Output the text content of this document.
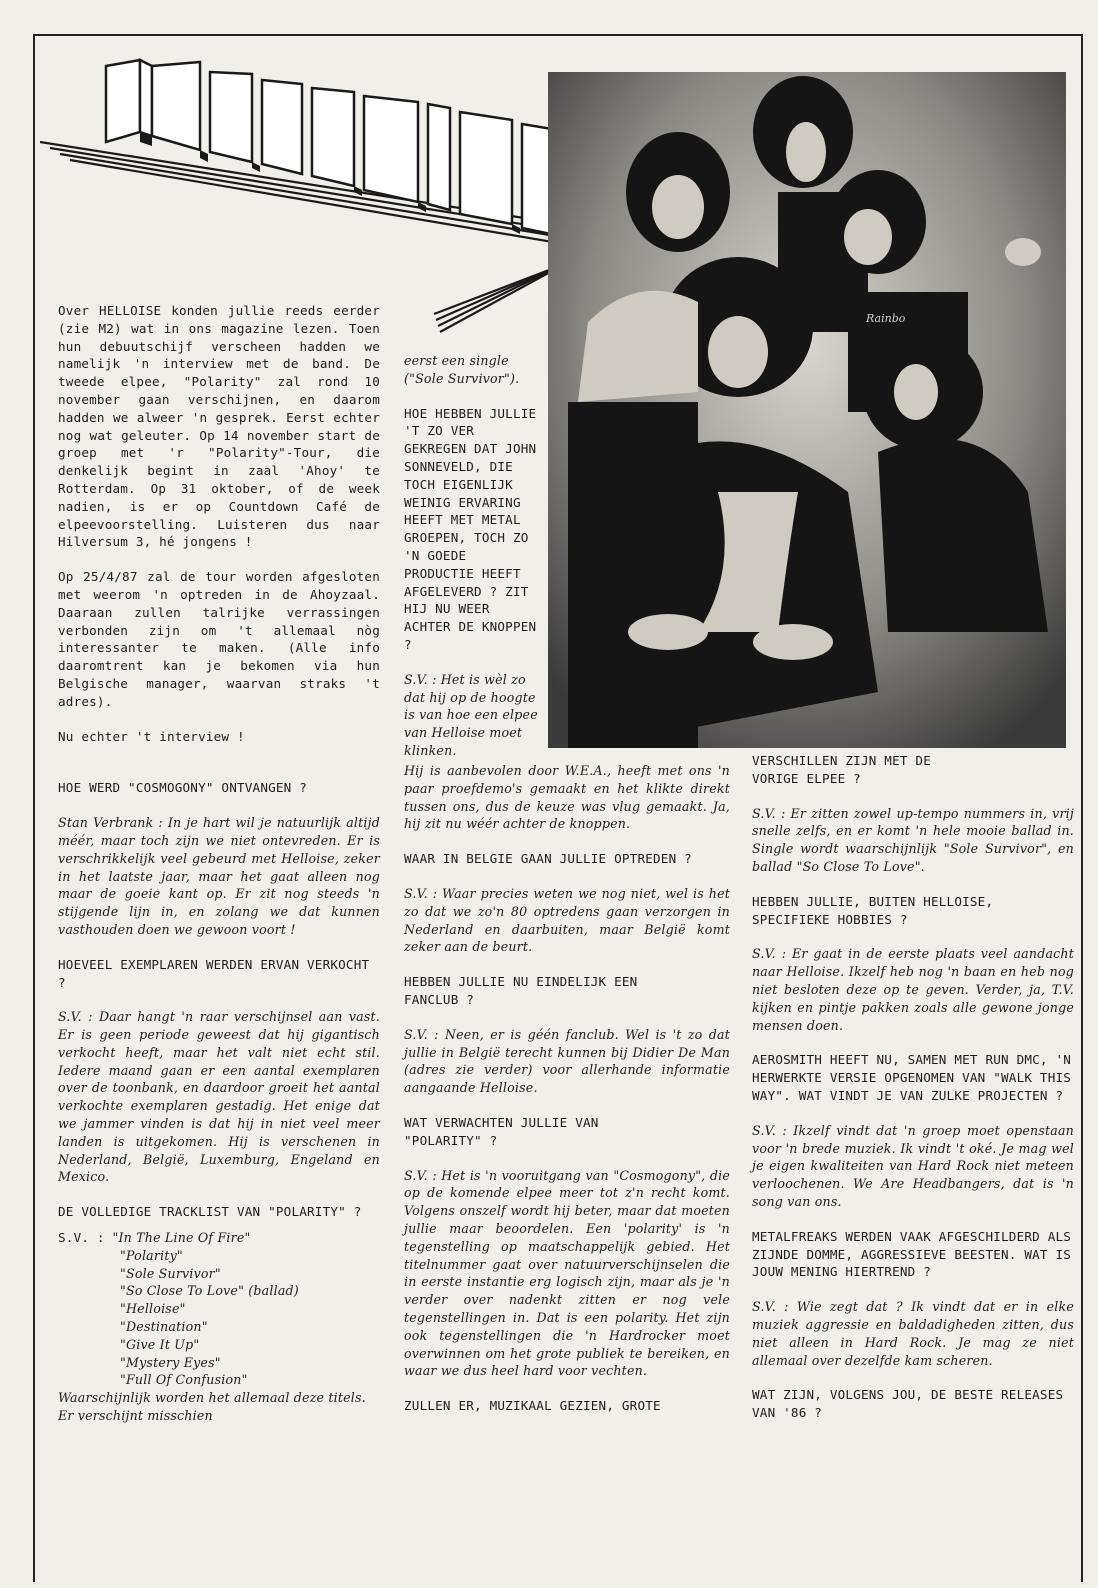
Rainbo

Over HELLOISE konden jullie reeds eerder (zie M2) wat in ons magazine lezen. Toen hun debuutschijf verscheen hadden we namelijk 'n interview met de band. De tweede elpee, "Polarity" zal rond 10 november gaan verschijnen, en daarom hadden we alweer 'n gesprek. Eerst echter nog wat geleuter. Op 14 november start de groep met 'r "Polarity"-Tour, die denkelijk begint in zaal 'Ahoy' te Rotterdam. Op 31 oktober, of de week nadien, is er op Countdown Café de elpeevoorstelling. Luisteren dus naar Hilversum 3, hé jongens !

Op 25/4/87 zal de tour worden afgesloten met weerom 'n optreden in de Ahoyzaal. Daaraan zullen talrijke verrassingen verbonden zijn om 't allemaal nòg interessanter te maken. (Alle info daaromtrent kan je bekomen via hun Belgische manager, waarvan straks 't adres).

Nu echter 't interview !

HOE WERD "COSMOGONY" ONTVANGEN ?

Stan Verbrank : In je hart wil je natuurlijk altijd méér, maar toch zijn we niet ontevreden. Er is verschrikkelijk veel gebeurd met Helloise, zeker in het laatste jaar, maar het gaat alleen nog maar de goeie kant op. Er zit nog steeds 'n stijgende lijn in, en zolang we dat kunnen vasthouden doen we gewoon voort !

HOEVEEL EXEMPLAREN WERDEN ERVAN VERKOCHT ?

S.V. : Daar hangt 'n raar verschijnsel aan vast. Er is geen periode geweest dat hij gigantisch verkocht heeft, maar het valt niet echt stil. Iedere maand gaan er een aantal exemplaren over de toonbank, en daardoor groeit het aantal verkochte exemplaren gestadig. Het enige dat we jammer vinden is dat hij in niet veel meer landen is uitgekomen. Hij is verschenen in Nederland, België, Luxemburg, Engeland en Mexico.

DE VOLLEDIGE TRACKLIST VAN "POLARITY" ?

S.V. : "In The Line Of Fire"
"Polarity"
"Sole Survivor"
"So Close To Love" (ballad)
"Helloise"
"Destination"
"Give It Up"
"Mystery Eyes"
"Full Of Confusion"

Waarschijnlijk worden het allemaal deze titels. Er verschijnt misschien

eerst een single ("Sole Survivor").

HOE HEBBEN JULLIE 'T ZO VER GEKREGEN DAT JOHN SONNEVELD, DIE TOCH EIGENLIJK WEINIG ERVARING HEEFT MET METAL GROEPEN, TOCH ZO 'N GOEDE PRODUCTIE HEEFT AFGELEVERD ? ZIT HIJ NU WEER ACHTER DE KNOPPEN ?

S.V. : Het is wèl zo dat hij op de hoogte is van hoe een elpee van Helloise moet klinken.

Hij is aanbevolen door W.E.A., heeft met ons 'n paar proefdemo's gemaakt en het klikte direkt tussen ons, dus de keuze was vlug gemaakt. Ja, hij zit nu wéér achter de knoppen.

WAAR IN BELGIE GAAN JULLIE OPTREDEN ?

S.V. : Waar precies weten we nog niet, wel is het zo dat we zo'n 80 optredens gaan verzorgen in Nederland en daarbuiten, maar België komt zeker aan de beurt.

HEBBEN JULLIE NU EINDELIJK EEN FANCLUB ?

S.V. : Neen, er is géén fanclub. Wel is 't zo dat jullie in België terecht kunnen bij Didier De Man (adres zie verder) voor allerhande informatie aangaande Helloise.

WAT VERWACHTEN JULLIE VAN "POLARITY" ?

S.V. : Het is 'n vooruitgang van "Cosmogony", die op de komende elpee meer tot z'n recht komt. Volgens onszelf wordt hij beter, maar dat moeten jullie maar beoordelen. Een 'polarity' is 'n tegenstelling op maatschappelijk gebied. Het titelnummer gaat over natuurverschijnselen die in eerste instantie erg logisch zijn, maar als je 'n verder over nadenkt zitten er nog vele tegenstellingen in. Dat is een polarity. Het zijn ook tegenstellingen die 'n Hardrocker moet overwinnen om het grote publiek te bereiken, en waar we dus heel hard voor vechten.

ZULLEN ER, MUZIKAAL GEZIEN, GROTE

VERSCHILLEN ZIJN MET DE VORIGE ELPEE ?

S.V. : Er zitten zowel up-tempo nummers in, vrij snelle zelfs, en er komt 'n hele mooie ballad in. Single wordt waarschijnlijk "Sole Survivor", en ballad "So Close To Love".

HEBBEN JULLIE, BUITEN HELLOISE, SPECIFIEKE HOBBIES ?

S.V. : Er gaat in de eerste plaats veel aandacht naar Helloise. Ikzelf heb nog 'n baan en heb nog niet besloten deze op te geven. Verder, ja, T.V. kijken en pintje pakken zoals alle gewone jonge mensen doen.

AEROSMITH HEEFT NU, SAMEN MET RUN DMC, 'N HERWERKTE VERSIE OPGENOMEN VAN "WALK THIS WAY". WAT VINDT JE VAN ZULKE PROJECTEN ?

S.V. : Ikzelf vindt dat 'n groep moet openstaan voor 'n brede muziek. Ik vindt 't oké. Je mag wel je eigen kwaliteiten van Hard Rock niet meteen verloochenen. We Are Headbangers, dat is 'n song van ons.

METALFREAKS WERDEN VAAK AFGESCHILDERD ALS ZIJNDE DOMME, AGGRESSIEVE BEESTEN. WAT IS JOUW MENING HIERTREND ?

S.V. : Wie zegt dat ? Ik vindt dat er in elke muziek aggressie en baldadigheden zitten, dus niet alleen in Hard Rock. Je mag ze niet allemaal over dezelfde kam scheren.

WAT ZIJN, VOLGENS JOU, DE BESTE RELEASES VAN '86 ?
